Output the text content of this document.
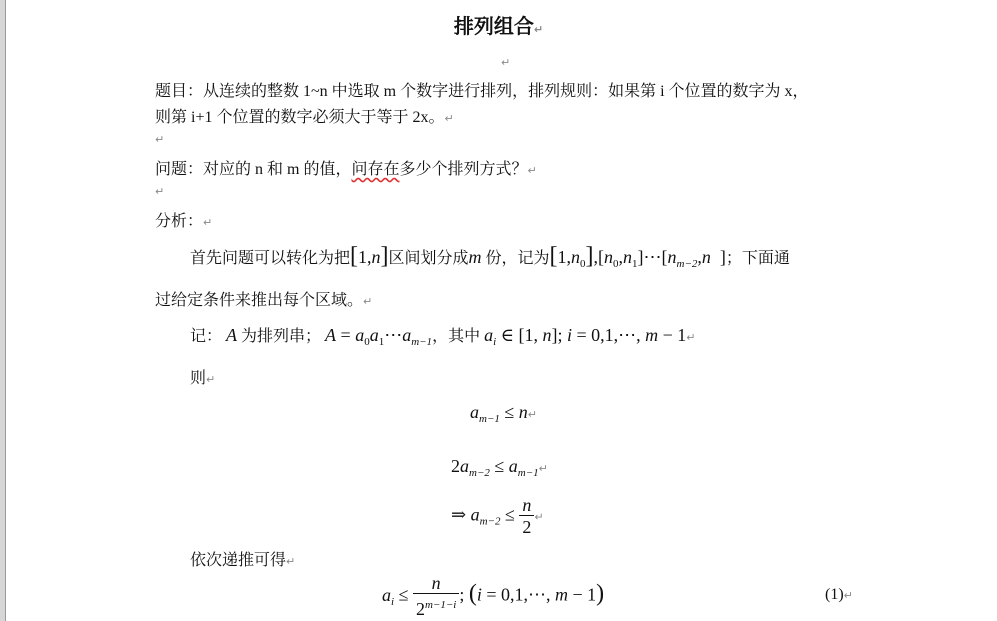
排列组合↵
↵
题目：从连续的整数 1~n 中选取 m 个数字进行排列，排列规则：如果第 i 个位置的数字为 x，
则第 i+1 个位置的数字必须大于等于 2x。↵
↵
问题：对应的 n 和 m 的值，问存在多少个排列方式？↵
↵
分析：↵
首先问题可以转化为把[1,n]区间划分成m 份，记为$[1,n_0],[n_0,n_1]\cdots[n_{m-2},n$  ]；下面通
过给定条件来推出每个区域。↵
记： A 为排列串； $A = a_0a_1\cdots a_{m-1}$，其中 $a_i$ ∈ [1, n]; i = 0,1,⋯, m − 1↵
则↵
$a_{m-1}$ ≤ n↵
$2a_{m-2}$ ≤ $a_{m-1}↵$
⇒ $a_{m-2} \le \frac{n}{2}$ ↵
依次递推可得↵
$a_i \le \frac{n}{2^{m-1-i}}$ ; (i = 0,1,⋯, m − 1)	(1)↵
